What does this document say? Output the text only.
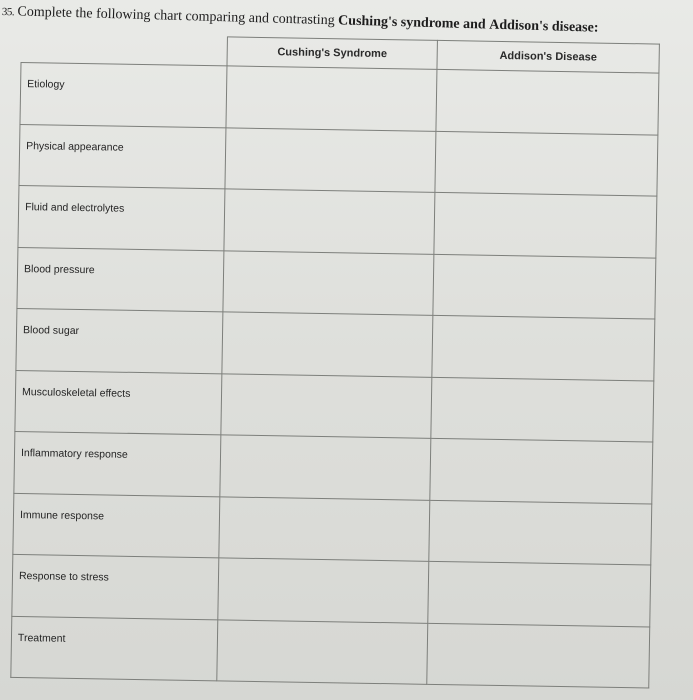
35. Complete the following chart comparing and contrasting Cushing's syndrome and Addison's disease:
	Cushing's Syndrome	Addison's Disease
Etiology		
Physical appearance		
Fluid and electrolytes		
Blood pressure		
Blood sugar		
Musculoskeletal effects		
Inflammatory response		
Immune response		
Response to stress		
Treatment		
